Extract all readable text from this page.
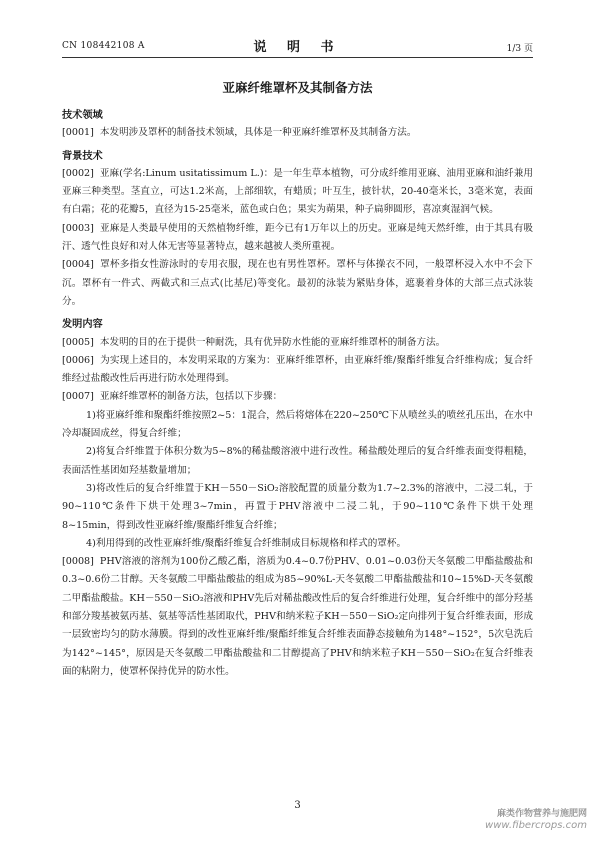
CN 108442108 A	说 明 书	1/3 页
亚麻纤维罩杯及其制备方法
技术领域
[0001] 本发明涉及罩杯的制备技术领域，具体是一种亚麻纤维罩杯及其制备方法。
背景技术
[0002] 亚麻(学名:Linum usitatissimum L.)：是一年生草本植物，可分成纤维用亚麻、油用亚麻和油纤兼用亚麻三种类型。茎直立，可达1.2米高，上部细软，有蜡质；叶互生，披针状，20-40毫米长，3毫米宽，表面有白霜；花的花瓣5，直径为15-25毫米，蓝色或白色；果实为蒴果，种子扁卵圆形，喜凉爽湿润气候。
[0003] 亚麻是人类最早使用的天然植物纤维，距今已有1万年以上的历史。亚麻是纯天然纤维，由于其具有吸汗、透气性良好和对人体无害等显著特点，越来越被人类所重视。
[0004] 罩杯多指女性游泳时的专用衣服，现在也有男性罩杯。罩杯与体操衣不同，一般罩杯浸入水中不会下沉。罩杯有一件式、两截式和三点式(比基尼)等变化。最初的泳装为紧贴身体，遮裹着身体的大部三点式泳装分。
发明内容
[0005] 本发明的目的在于提供一种耐洗，具有优异防水性能的亚麻纤维罩杯的制备方法。
[0006] 为实现上述目的，本发明采取的方案为：亚麻纤维罩杯，由亚麻纤维/聚酯纤维复合纤维构成；复合纤维经过盐酸改性后再进行防水处理得到。
[0007] 亚麻纤维罩杯的制备方法，包括以下步骤：
1)将亚麻纤维和聚酯纤维按照2~5：1混合，然后将熔体在220~250℃下从喷丝头的喷丝孔压出，在水中冷却凝固成丝，得复合纤维；
2)将复合纤维置于体积分数为5~8%的稀盐酸溶液中进行改性。稀盐酸处理后的复合纤维表面变得粗糙，表面活性基团如羟基数量增加；
3)将改性后的复合纤维置于KH－550－SiO₂溶胶配置的质量分数为1.7~2.3%的溶液中，二浸二轧，于90~110℃条件下烘干处理3~7min，再置于PHV溶液中二浸二轧，于90~110℃条件下烘干处理8~15min，得到改性亚麻纤维/聚酯纤维复合纤维；
4)利用得到的改性亚麻纤维/聚酯纤维复合纤维制成目标规格和样式的罩杯。
[0008] PHV溶液的溶剂为100份乙酸乙酯，溶质为0.4~0.7份PHV、0.01~0.03份天冬氨酸二甲酯盐酸盐和0.3~0.6份二甘醇。天冬氨酸二甲酯盐酸盐的组成为85~90%L-天冬氨酸二甲酯盐酸盐和10~15%D-天冬氨酸二甲酯盐酸盐。KH－550－SiO₂溶液和PHV先后对稀盐酸改性后的复合纤维进行处理，复合纤维中的部分羟基和部分羧基被氨丙基、氨基等活性基团取代，PHV和纳米粒子KH－550－SiO₂定向排列于复合纤维表面，形成一层致密均匀的防水薄膜。得到的改性亚麻纤维/聚酯纤维复合纤维表面静态接触角为148°~152°，5次皂洗后为142°~145°，原因是天冬氨酸二甲酯盐酸盐和二甘醇提高了PHV和纳米粒子KH－550－SiO₂在复合纤维表面的粘附力，使罩杯保持优异的防水性。
3
麻类作物营养与施肥网
www.fibercrops.com
